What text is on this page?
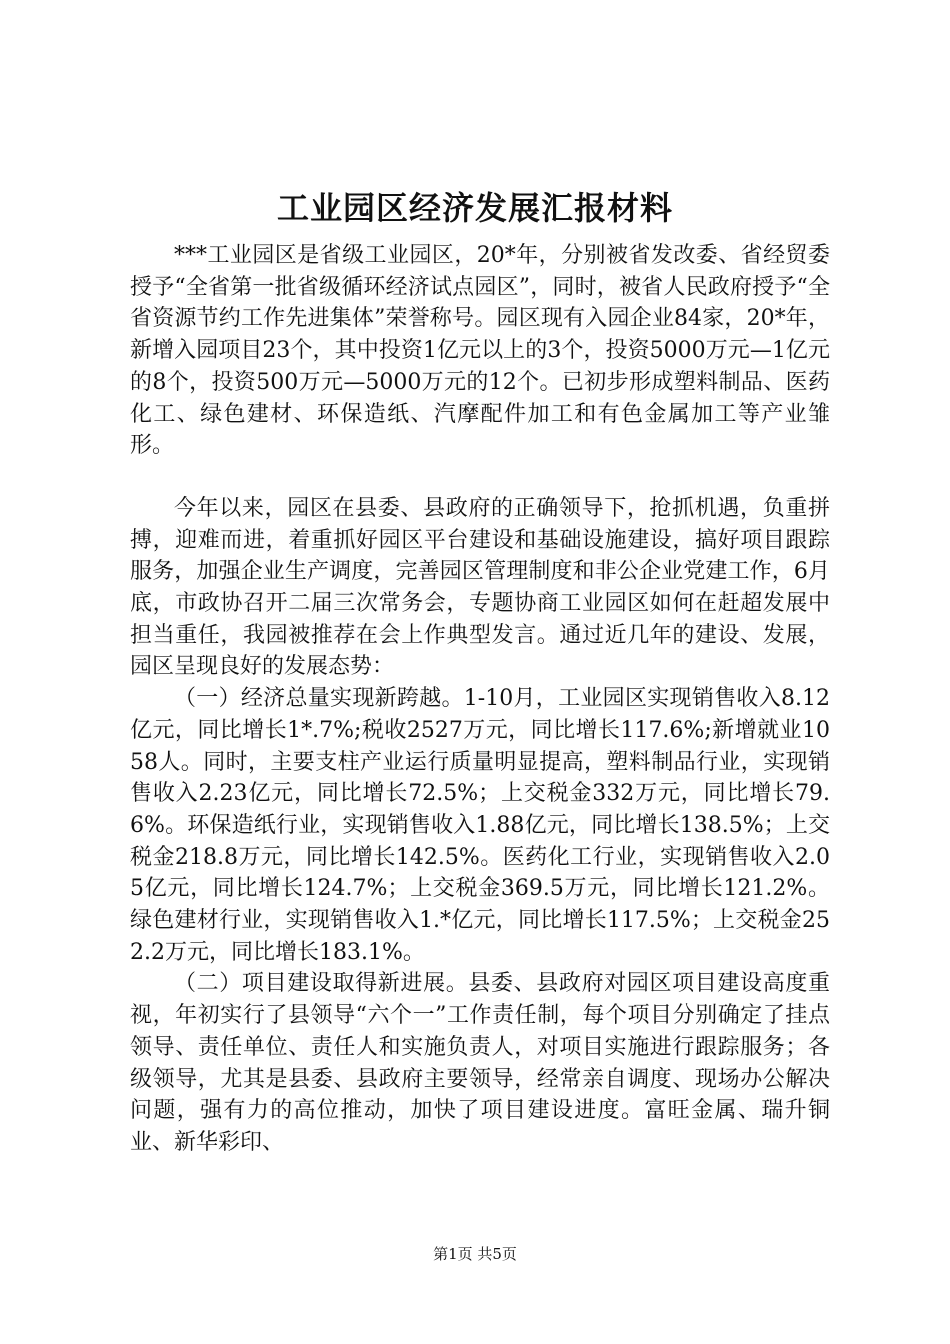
工业园区经济发展汇报材料

***工业园区是省级工业园区，20*年，分别被省发改委、省经贸委授予“全省第一批省级循环经济试点园区”，同时，被省人民政府授予“全省资源节约工作先进集体”荣誉称号。园区现有入园企业84家，20*年，新增入园项目23个，其中投资1亿元以上的3个，投资5000万元—1亿元的8个，投资500万元—5000万元的12个。已初步形成塑料制品、医药化工、绿色建材、环保造纸、汽摩配件加工和有色金属加工等产业雏形。

今年以来，园区在县委、县政府的正确领导下，抢抓机遇，负重拼搏，迎难而进，着重抓好园区平台建设和基础设施建设，搞好项目跟踪服务，加强企业生产调度，完善园区管理制度和非公企业党建工作，6月底，市政协召开二届三次常务会，专题协商工业园区如何在赶超发展中担当重任，我园被推荐在会上作典型发言。通过近几年的建设、发展，园区呈现良好的发展态势：

（一）经济总量实现新跨越。1-10月，工业园区实现销售收入8.12亿元，同比增长1*.7%;税收2527万元，同比增长117.6%;新增就业1058人。同时，主要支柱产业运行质量明显提高，塑料制品行业，实现销售收入2.23亿元，同比增长72.5%；上交税金332万元，同比增长79.6%。环保造纸行业，实现销售收入1.88亿元，同比增长138.5%；上交税金218.8万元，同比增长142.5%。医药化工行业，实现销售收入2.05亿元，同比增长124.7%；上交税金369.5万元，同比增长121.2%。绿色建材行业，实现销售收入1.*亿元，同比增长117.5%；上交税金252.2万元，同比增长183.1%。

（二）项目建设取得新进展。县委、县政府对园区项目建设高度重视，年初实行了县领导“六个一”工作责任制，每个项目分别确定了挂点领导、责任单位、责任人和实施负责人，对项目实施进行跟踪服务；各级领导，尤其是县委、县政府主要领导，经常亲自调度、现场办公解决问题，强有力的高位推动，加快了项目建设进度。富旺金属、瑞升铜业、新华彩印、

第1页 共5页
